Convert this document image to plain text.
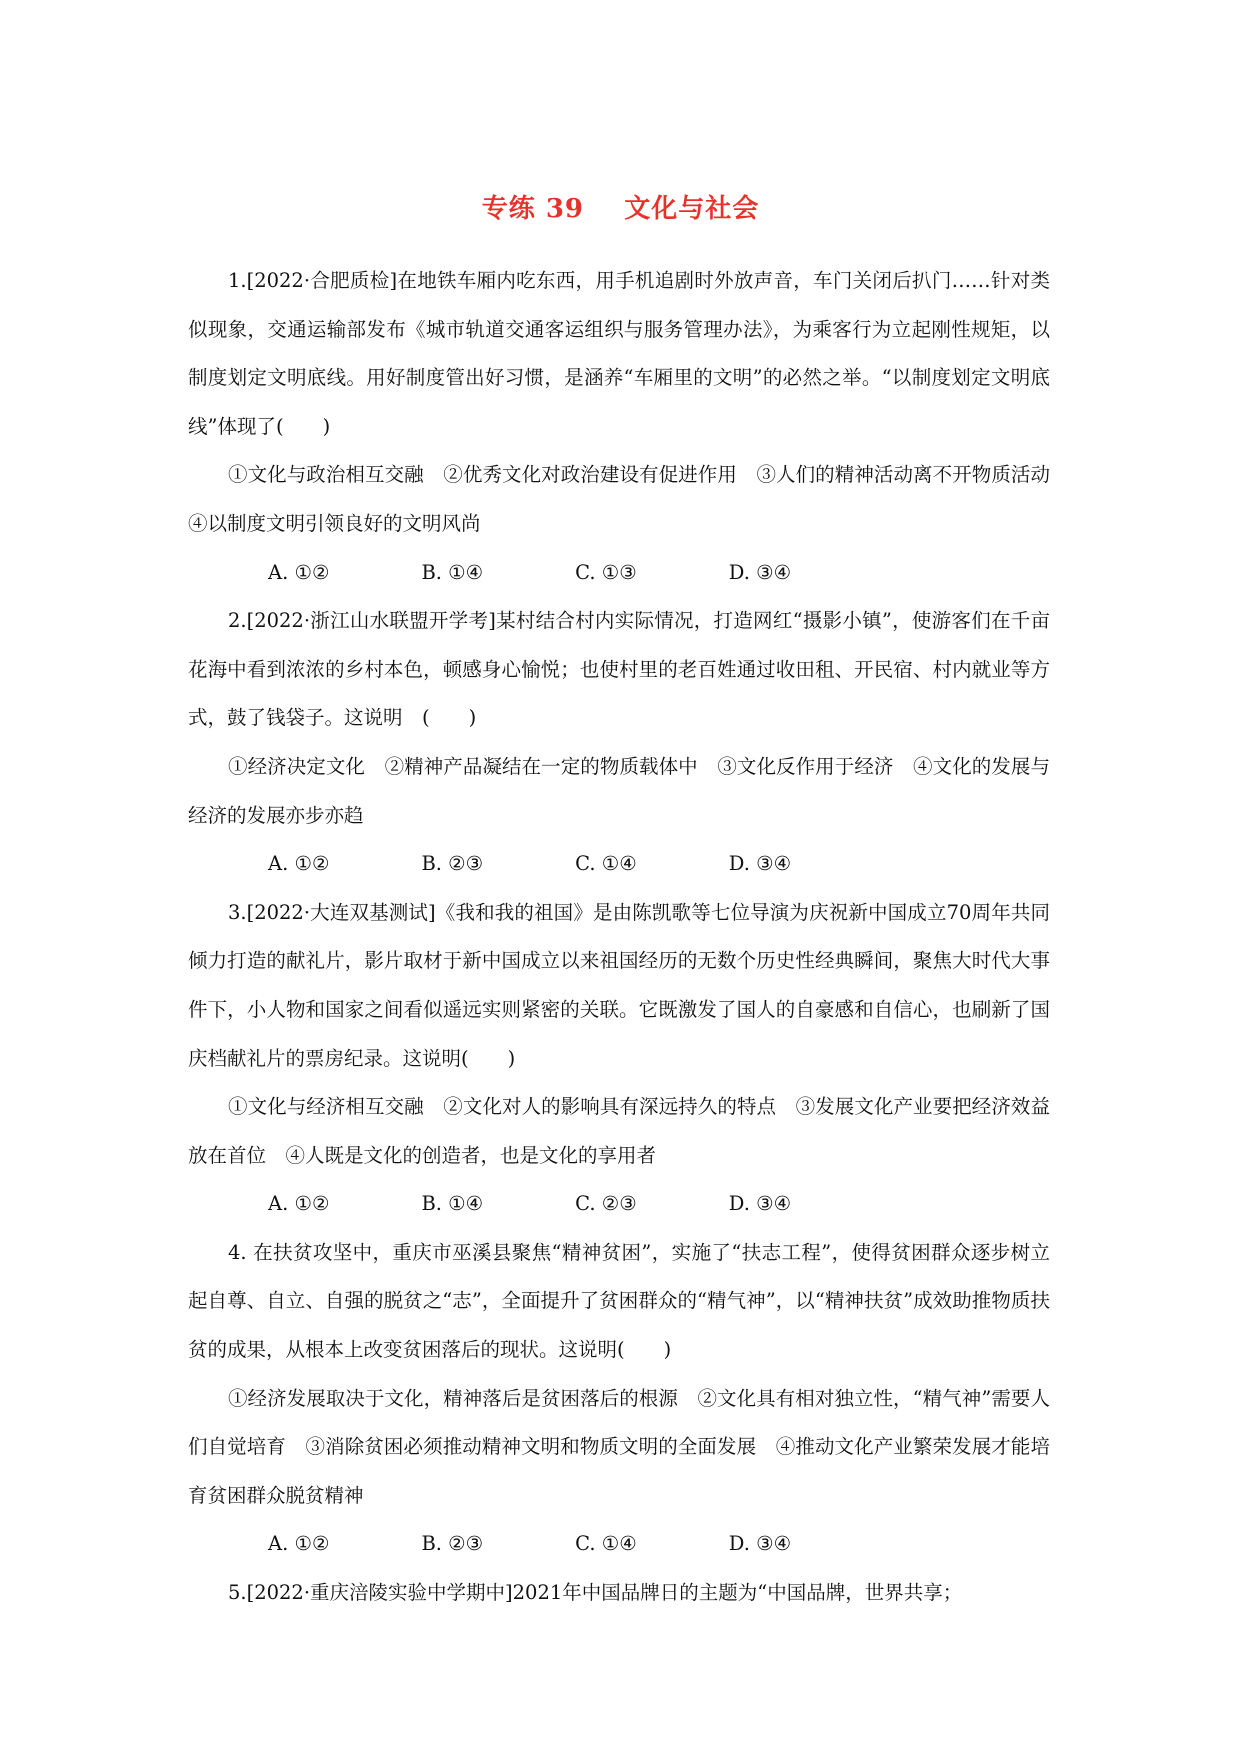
专练 39    文化与社会

1.[2022·合肥质检]在地铁车厢内吃东西，用手机追剧时外放声音，车门关闭后扒门……针对类似现象，交通运输部发布《城市轨道交通客运组织与服务管理办法》，为乘客行为立起刚性规矩，以制度划定文明底线。用好制度管出好习惯，是涵养“车厢里的文明”的必然之举。“以制度划定文明底线”体现了(　　)

①文化与政治相互交融　②优秀文化对政治建设有促进作用　③人们的精神活动离不开物质活动　④以制度文明引领良好的文明风尚

A. ①②	B. ①④	C. ①③	D. ③④

2.[2022·浙江山水联盟开学考]某村结合村内实际情况，打造网红“摄影小镇”，使游客们在千亩花海中看到浓浓的乡村本色，顿感身心愉悦；也使村里的老百姓通过收田租、开民宿、村内就业等方式，鼓了钱袋子。这说明　(　　)

①经济决定文化　②精神产品凝结在一定的物质载体中　③文化反作用于经济　④文化的发展与经济的发展亦步亦趋

A. ①②	B. ②③	C. ①④	D. ③④

3.[2022·大连双基测试]《我和我的祖国》是由陈凯歌等七位导演为庆祝新中国成立70周年共同倾力打造的献礼片，影片取材于新中国成立以来祖国经历的无数个历史性经典瞬间，聚焦大时代大事件下，小人物和国家之间看似遥远实则紧密的关联。它既激发了国人的自豪感和自信心，也刷新了国庆档献礼片的票房纪录。这说明(　　)

①文化与经济相互交融　②文化对人的影响具有深远持久的特点　③发展文化产业要把经济效益放在首位　④人既是文化的创造者，也是文化的享用者

A. ①②	B. ①④	C. ②③	D. ③④

4. 在扶贫攻坚中，重庆市巫溪县聚焦“精神贫困”，实施了“扶志工程”，使得贫困群众逐步树立起自尊、自立、自强的脱贫之“志”，全面提升了贫困群众的“精气神”，以“精神扶贫”成效助推物质扶贫的成果，从根本上改变贫困落后的现状。这说明(　　)

①经济发展取决于文化，精神落后是贫困落后的根源　②文化具有相对独立性，“精气神”需要人们自觉培育　③消除贫困必须推动精神文明和物质文明的全面发展　④推动文化产业繁荣发展才能培育贫困群众脱贫精神

A. ①②	B. ②③	C. ①④	D. ③④

5.[2022·重庆涪陵实验中学期中]2021年中国品牌日的主题为“中国品牌，世界共享；
